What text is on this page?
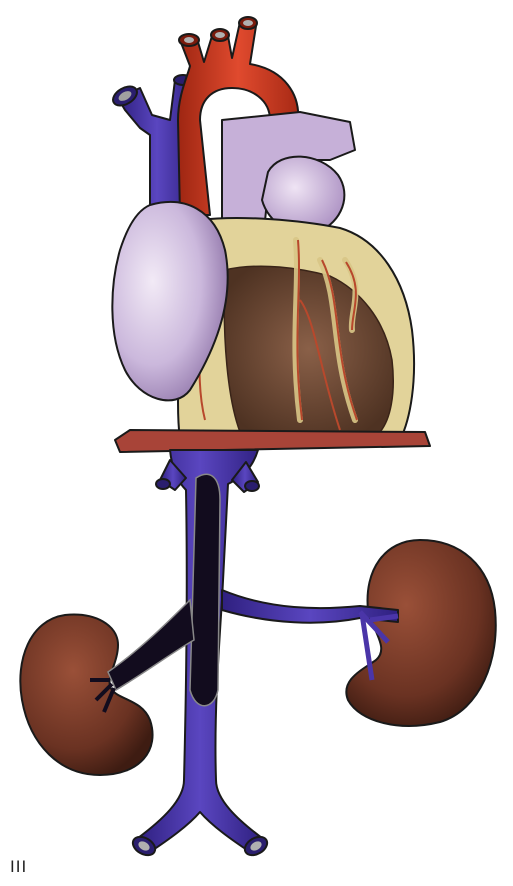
III
